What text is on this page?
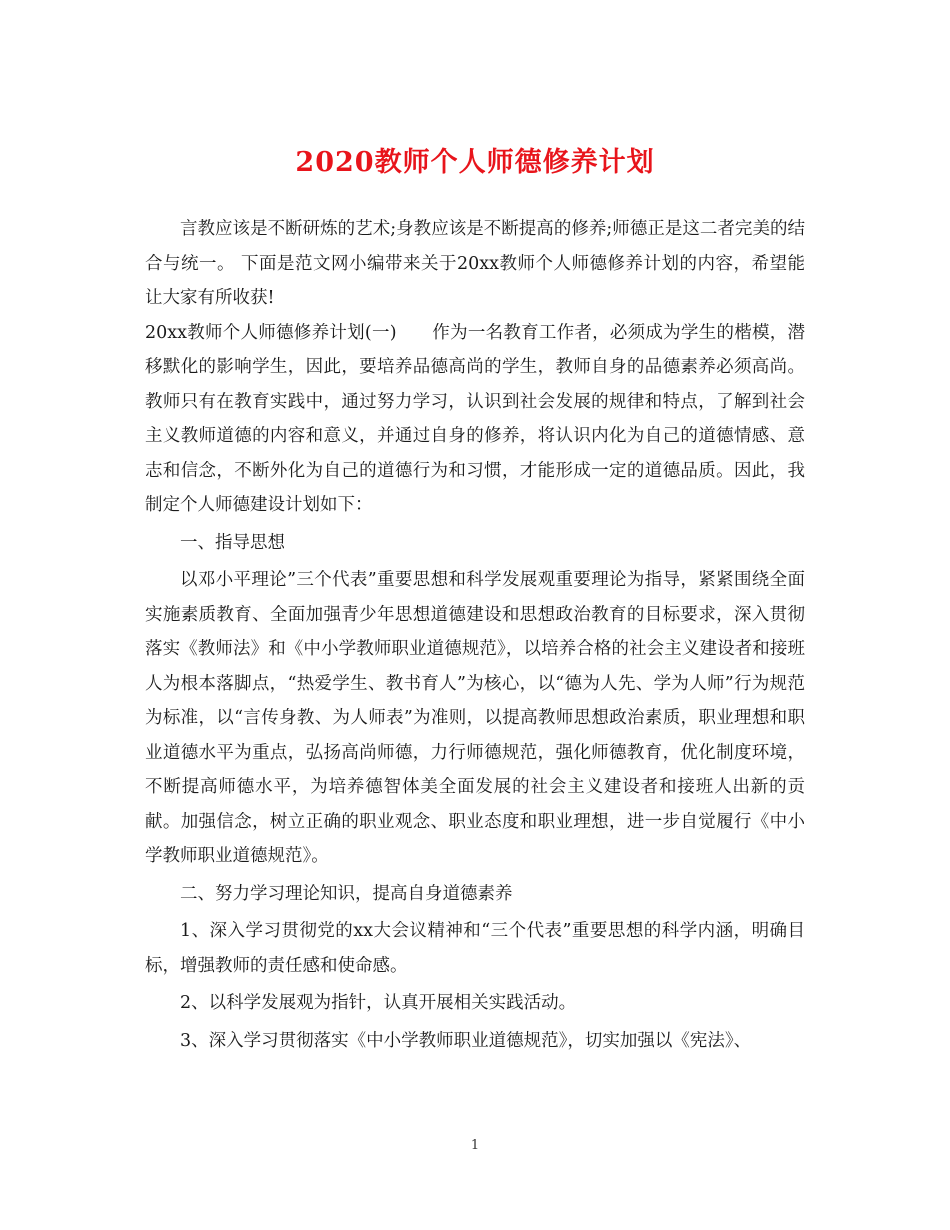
2020教师个人师德修养计划

言教应该是不断研炼的艺术;身教应该是不断提高的修养;师德正是这二者完美的结合与统一。 下面是范文网小编带来关于20xx教师个人师德修养计划的内容，希望能让大家有所收获!

20xx教师个人师德修养计划(一)　　作为一名教育工作者，必须成为学生的楷模，潜移默化的影响学生，因此，要培养品德高尚的学生，教师自身的品德素养必须高尚。教师只有在教育实践中，通过努力学习，认识到社会发展的规律和特点，了解到社会主义教师道德的内容和意义，并通过自身的修养，将认识内化为自己的道德情感、意志和信念，不断外化为自己的道德行为和习惯，才能形成一定的道德品质。因此，我制定个人师德建设计划如下：

一、指导思想

以邓小平理论”三个代表”重要思想和科学发展观重要理论为指导，紧紧围绕全面实施素质教育、全面加强青少年思想道德建设和思想政治教育的目标要求，深入贯彻落实《教师法》和《中小学教师职业道德规范》，以培养合格的社会主义建设者和接班人为根本落脚点，“热爱学生、教书育人”为核心，以“德为人先、学为人师”行为规范为标准，以“言传身教、为人师表”为准则，以提高教师思想政治素质，职业理想和职业道德水平为重点，弘扬高尚师德，力行师德规范，强化师德教育，优化制度环境，不断提高师德水平，为培养德智体美全面发展的社会主义建设者和接班人出新的贡献。加强信念，树立正确的职业观念、职业态度和职业理想，进一步自觉履行《中小学教师职业道德规范》。

二、努力学习理论知识，提高自身道德素养

1、深入学习贯彻党的xx大会议精神和“三个代表”重要思想的科学内涵，明确目标，增强教师的责任感和使命感。

2、以科学发展观为指针，认真开展相关实践活动。

3、深入学习贯彻落实《中小学教师职业道德规范》，切实加强以《宪法》、

1
